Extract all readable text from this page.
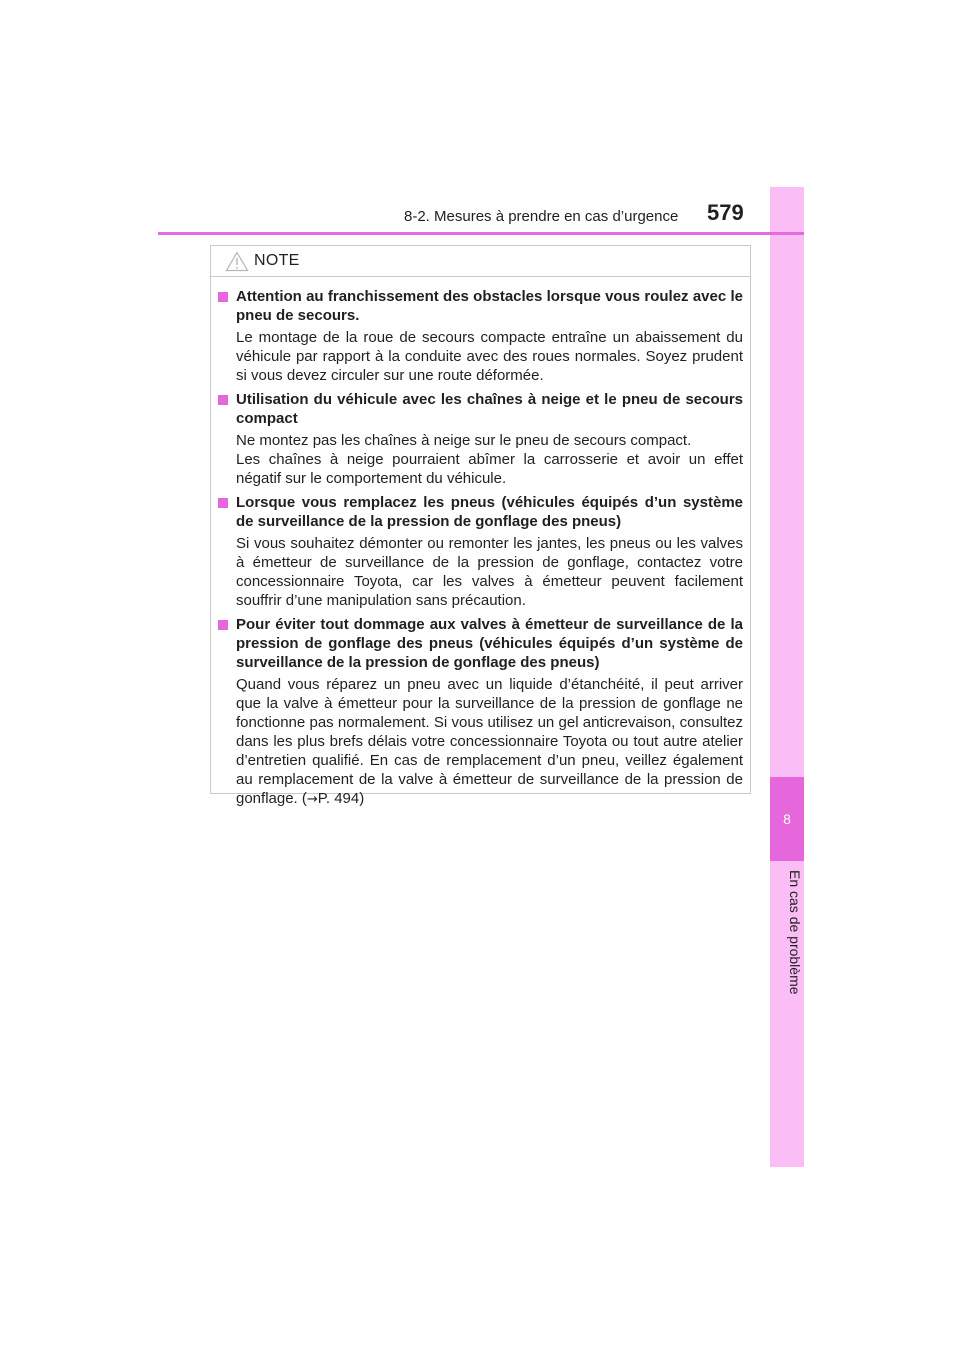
8
En cas de problème
8-2. Mesures à prendre en cas d’urgence 579
NOTE
Attention au franchissement des obstacles lorsque vous roulez avec le pneu de secours.

Le montage de la roue de secours compacte entraîne un abaissement du véhicule par rapport à la conduite avec des roues normales. Soyez prudent si vous devez circuler sur une route déformée.

Utilisation du véhicule avec les chaînes à neige et le pneu de secours compact

Ne montez pas les chaînes à neige sur le pneu de secours compact.

Les chaînes à neige pourraient abîmer la carrosserie et avoir un effet négatif sur le comportement du véhicule.

Lorsque vous remplacez les pneus (véhicules équipés d’un système de surveillance de la pression de gonflage des pneus)

Si vous souhaitez démonter ou remonter les jantes, les pneus ou les valves à émetteur de surveillance de la pression de gonflage, contactez votre concessionnaire Toyota, car les valves à émetteur peuvent facilement souffrir d’une manipulation sans précaution.

Pour éviter tout dommage aux valves à émetteur de surveillance de la pression de gonflage des pneus (véhicules équipés d’un système de surveillance de la pression de gonflage des pneus)

Quand vous réparez un pneu avec un liquide d’étanchéité, il peut arriver que la valve à émetteur pour la surveillance de la pression de gonflage ne fonctionne pas normalement. Si vous utilisez un gel anticrevaison, consultez dans les plus brefs délais votre concessionnaire Toyota ou tout autre atelier d’entretien qualifié. En cas de remplacement d’un pneu, veillez également au remplacement de la valve à émetteur de surveillance de la pression de gonflage. (→P. 494)
